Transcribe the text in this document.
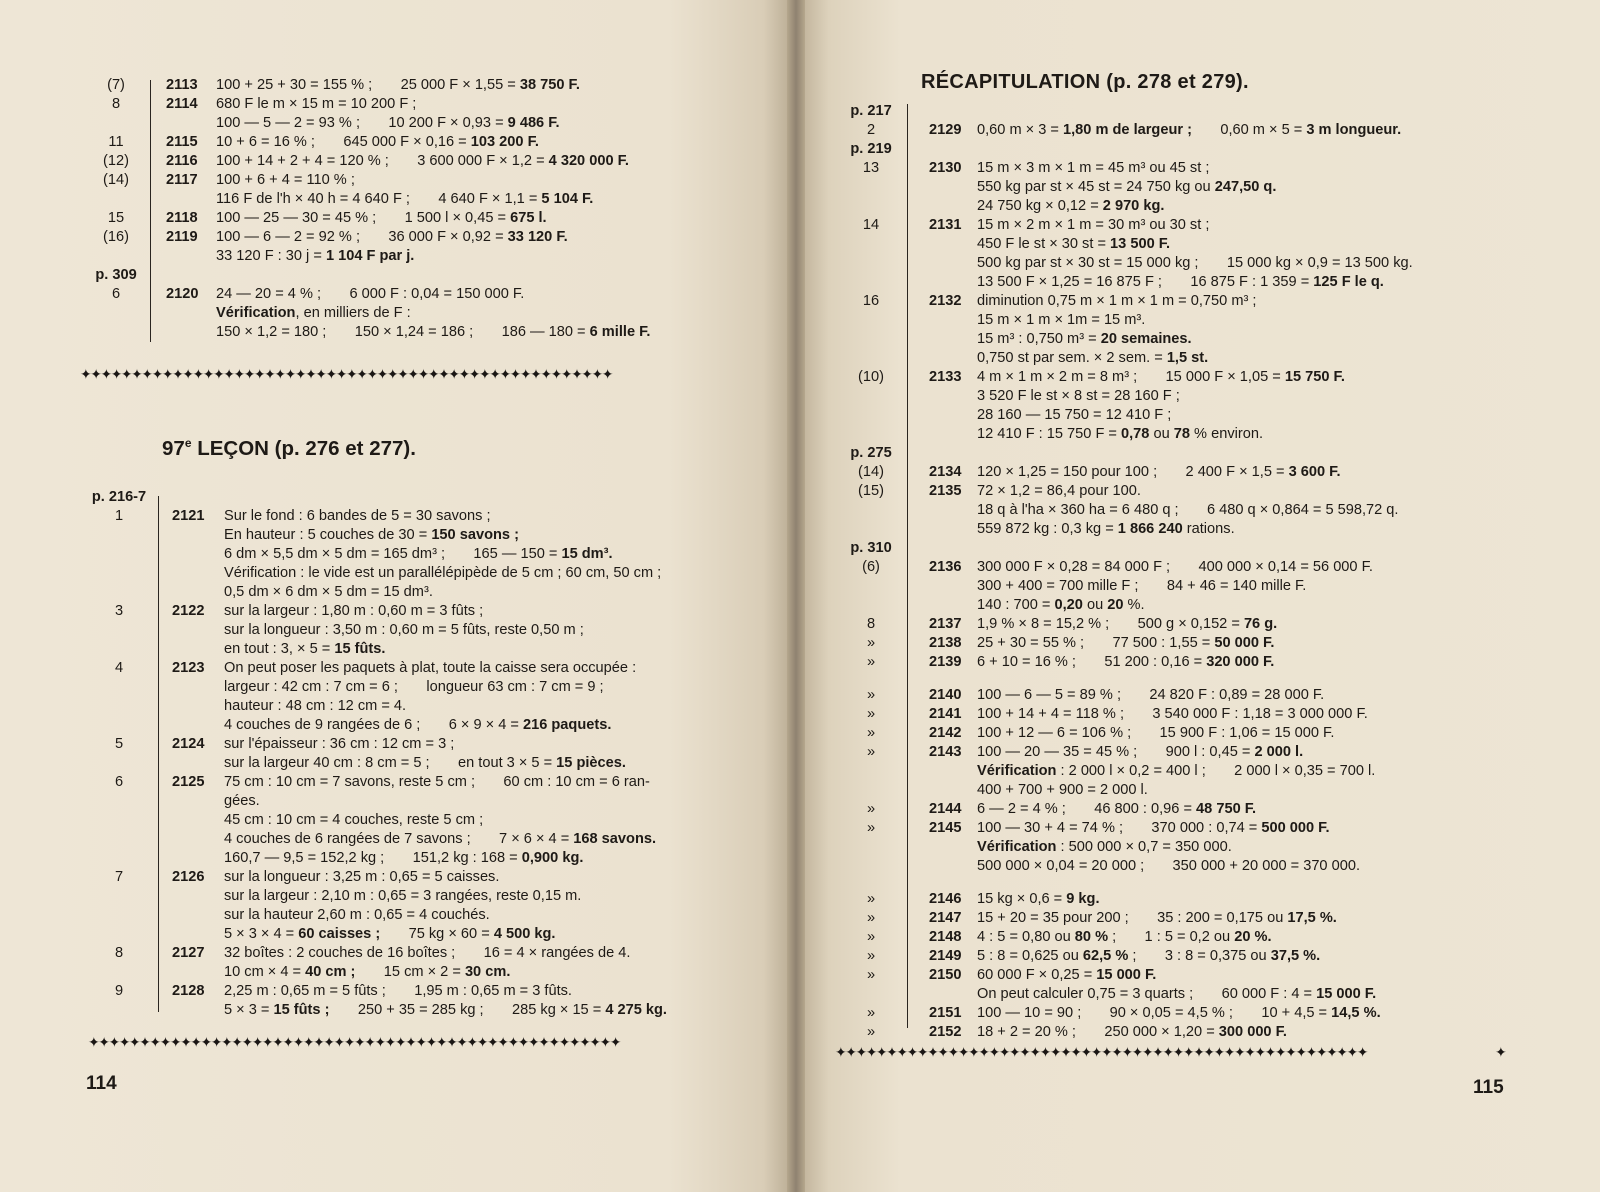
(7)	2113 100 + 25 + 30 = 155 % ;       25 000 F × 1,55 = 38 750 F.
8	2114 680 F le m × 15 m = 10 200 F ;
100 — 5 — 2 = 93 % ;       10 200 F × 0,93 = 9 486 F.
11	2115 10 + 6 = 16 % ;       645 000 F × 0,16 = 103 200 F.
(12)	2116 100 + 14 + 2 + 4 = 120 % ;       3 600 000 F × 1,2 = 4 320 000 F.
(14)	2117 100 + 6 + 4 = 110 % ;
116 F de l'h × 40 h = 4 640 F ;       4 640 F × 1,1 = 5 104 F.
15	2118 100 — 25 — 30 = 45 % ;       1 500 l × 0,45 = 675 l.
(16)	2119 100 — 6 — 2 = 92 % ;       36 000 F × 0,92 = 33 120 F.
33 120 F : 30 j = 1 104 F par j.
p. 309
6	2120 24 — 20 = 4 % ;       6 000 F : 0,04 = 150 000 F.
Vérification, en milliers de F :
150 × 1,2 = 180 ;       150 × 1,24 = 186 ;       186 — 180 = 6 mille F.
✦✦✦✦✦✦✦✦✦✦✦✦✦✦✦✦✦✦✦✦✦✦✦✦✦✦✦✦✦✦✦✦✦✦✦✦✦✦✦✦✦✦✦✦✦✦✦✦✦✦✦✦
97e LEÇON (p. 276 et 277).
p. 216-7
1	2121 Sur le fond : 6 bandes de 5 = 30 savons ;
En hauteur : 5 couches de 30 = 150 savons ;
6 dm × 5,5 dm × 5 dm = 165 dm³ ;       165 — 150 = 15 dm³.
Vérification : le vide est un parallélépipède de 5 cm ; 60 cm, 50 cm ;
0,5 dm × 6 dm × 5 dm = 15 dm³.
3	2122 sur la largeur : 1,80 m : 0,60 m = 3 fûts ;
sur la longueur : 3,50 m : 0,60 m = 5 fûts, reste 0,50 m ;
en tout : 3, × 5 = 15 fûts.
4	2123 On peut poser les paquets à plat, toute la caisse sera occupée :
largeur : 42 cm : 7 cm = 6 ;       longueur 63 cm : 7 cm = 9 ;
hauteur : 48 cm : 12 cm = 4.
4 couches de 9 rangées de 6 ;       6 × 9 × 4 = 216 paquets.
5	2124 sur l'épaisseur : 36 cm : 12 cm = 3 ;
sur la largeur 40 cm : 8 cm = 5 ;       en tout 3 × 5 = 15 pièces.
6	2125 75 cm : 10 cm = 7 savons, reste 5 cm ;       60 cm : 10 cm = 6 ran-
gées.
45 cm : 10 cm = 4 couches, reste 5 cm ;
4 couches de 6 rangées de 7 savons ;       7 × 6 × 4 = 168 savons.
160,7 — 9,5 = 152,2 kg ;       151,2 kg : 168 = 0,900 kg.
7	2126 sur la longueur : 3,25 m : 0,65 = 5 caisses.
sur la largeur : 2,10 m : 0,65 = 3 rangées, reste 0,15 m.
sur la hauteur 2,60 m : 0,65 = 4 couchés.
5 × 3 × 4 = 60 caisses ;       75 kg × 60 = 4 500 kg.
8	2127 32 boîtes : 2 couches de 16 boîtes ;       16 = 4 × rangées de 4.
10 cm × 4 = 40 cm ;       15 cm × 2 = 30 cm.
9	2128 2,25 m : 0,65 m = 5 fûts ;       1,95 m : 0,65 m = 3 fûts.
5 × 3 = 15 fûts ;       250 + 35 = 285 kg ;       285 kg × 15 = 4 275 kg.
✦✦✦✦✦✦✦✦✦✦✦✦✦✦✦✦✦✦✦✦✦✦✦✦✦✦✦✦✦✦✦✦✦✦✦✦✦✦✦✦✦✦✦✦✦✦✦✦✦✦✦✦
114
RÉCAPITULATION (p. 278 et 279).
p. 217
2	2129 0,60 m × 3 = 1,80 m de largeur ;       0,60 m × 5 = 3 m longueur.
p. 219
13	2130 15 m × 3 m × 1 m = 45 m³ ou 45 st ;
550 kg par st × 45 st = 24 750 kg ou 247,50 q.
24 750 kg × 0,12 = 2 970 kg.
14	2131 15 m × 2 m × 1 m = 30 m³ ou 30 st ;
450 F le st × 30 st = 13 500 F.
500 kg par st × 30 st = 15 000 kg ;       15 000 kg × 0,9 = 13 500 kg.
13 500 F × 1,25 = 16 875 F ;       16 875 F : 1 359 = 125 F le q.
16	2132 diminution 0,75 m × 1 m × 1 m = 0,750 m³ ;
15 m × 1 m × 1m = 15 m³.
15 m³ : 0,750 m³ = 20 semaines.
0,750 st par sem. × 2 sem. = 1,5 st.
(10)	2133 4 m × 1 m × 2 m = 8 m³ ;       15 000 F × 1,05 = 15 750 F.
3 520 F le st × 8 st = 28 160 F ;
28 160 — 15 750 = 12 410 F ;
12 410 F : 15 750 F = 0,78 ou 78 % environ.
p. 275
(14)	2134 120 × 1,25 = 150 pour 100 ;       2 400 F × 1,5 = 3 600 F.
(15)	2135 72 × 1,2 = 86,4 pour 100.
18 q à l'ha × 360 ha = 6 480 q ;       6 480 q × 0,864 = 5 598,72 q.
559 872 kg : 0,3 kg = 1 866 240 rations.
p. 310
(6)	2136 300 000 F × 0,28 = 84 000 F ;       400 000 × 0,14 = 56 000 F.
300 + 400 = 700 mille F ;       84 + 46 = 140 mille F.
140 : 700 = 0,20 ou 20 %.
8	2137 1,9 % × 8 = 15,2 % ;       500 g × 0,152 = 76 g.
»	2138 25 + 30 = 55 % ;       77 500 : 1,55 = 50 000 F.
»	2139 6 + 10 = 16 % ;       51 200 : 0,16 = 320 000 F.
»	2140 100 — 6 — 5 = 89 % ;       24 820 F : 0,89 = 28 000 F.
»	2141 100 + 14 + 4 = 118 % ;       3 540 000 F : 1,18 = 3 000 000 F.
»	2142 100 + 12 — 6 = 106 % ;       15 900 F : 1,06 = 15 000 F.
»	2143 100 — 20 — 35 = 45 % ;       900 l : 0,45 = 2 000 l.
Vérification : 2 000 l × 0,2 = 400 l ;       2 000 l × 0,35 = 700 l.
400 + 700 + 900 = 2 000 l.
»	2144 6 — 2 = 4 % ;       46 800 : 0,96 = 48 750 F.
»	2145 100 — 30 + 4 = 74 % ;       370 000 : 0,74 = 500 000 F.
Vérification : 500 000 × 0,7 = 350 000.
500 000 × 0,04 = 20 000 ;       350 000 + 20 000 = 370 000.
»	2146 15 kg × 0,6 = 9 kg.
»	2147 15 + 20 = 35 pour 200 ;       35 : 200 = 0,175 ou 17,5 %.
»	2148 4 : 5 = 0,80 ou 80 % ;       1 : 5 = 0,2 ou 20 %.
»	2149 5 : 8 = 0,625 ou 62,5 % ;       3 : 8 = 0,375 ou 37,5 %.
»	2150 60 000 F × 0,25 = 15 000 F.
On peut calculer 0,75 = 3 quarts ;       60 000 F : 4 = 15 000 F.
»	2151 100 — 10 = 90 ;       90 × 0,05 = 4,5 % ;       10 + 4,5 = 14,5 %.
»	2152 18 + 2 = 20 % ;       250 000 × 1,20 = 300 000 F.
✦✦✦✦✦✦✦✦✦✦✦✦✦✦✦✦✦✦✦✦✦✦✦✦✦✦✦✦✦✦✦✦✦✦✦✦✦✦✦✦✦✦✦✦✦✦✦✦✦✦✦✦	✦
115
